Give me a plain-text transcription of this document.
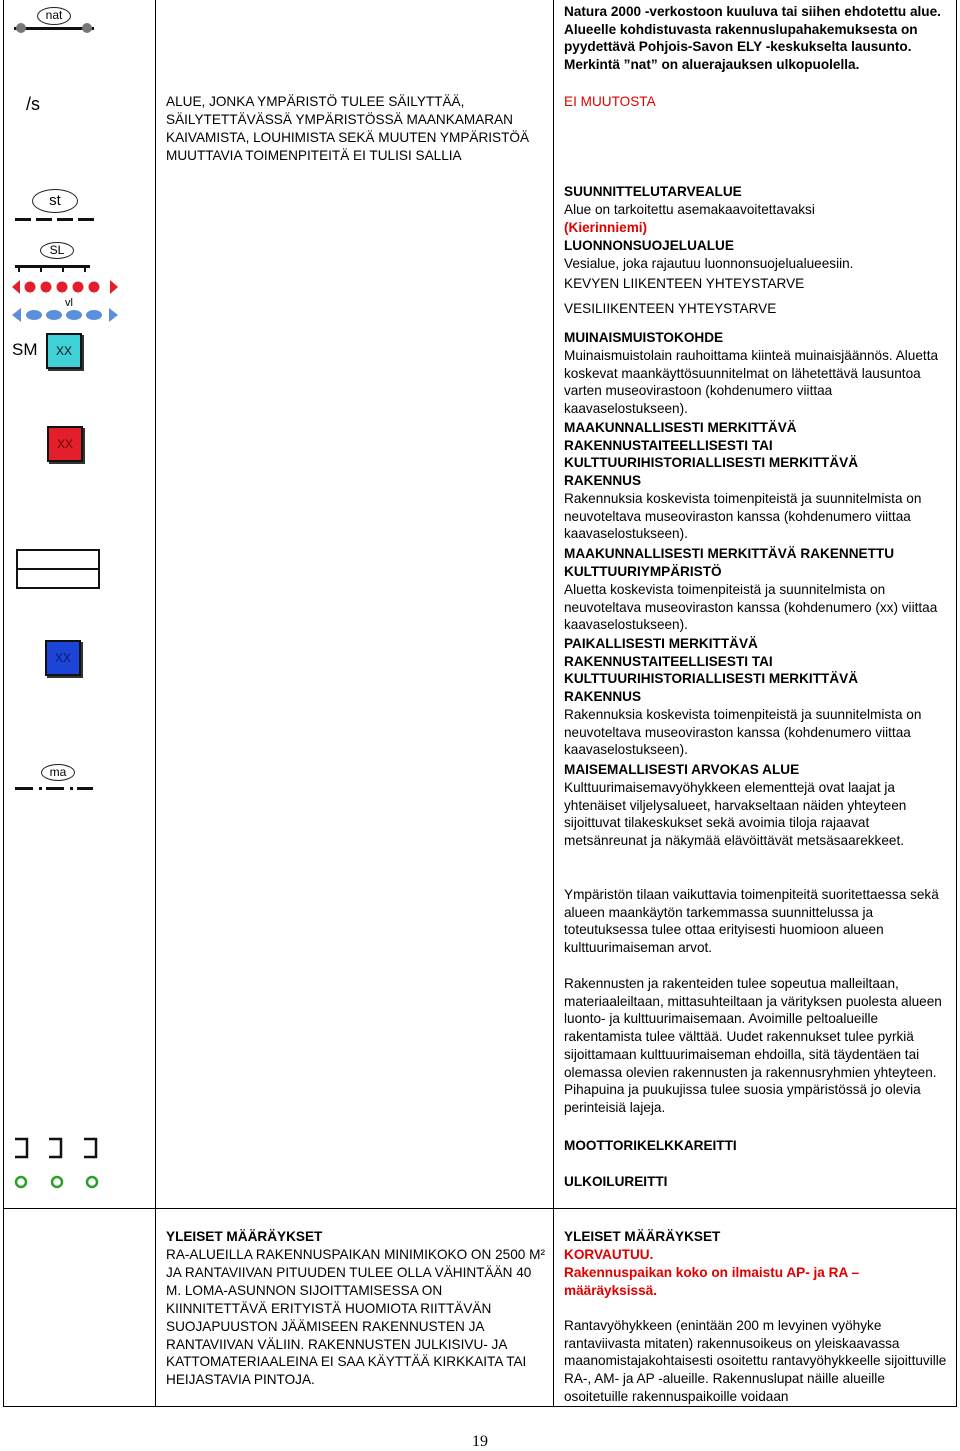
nat
/s
st
SL
vl
SM	XX
XX
XX
ma
ALUE, JONKA YMPÄRISTÖ TULEE SÄILYTTÄÄ, SÄILYTETTÄVÄSSÄ YMPÄRISTÖSSÄ MAANKAMARAN KAIVAMISTA, LOUHIMISTA SEKÄ MUUTEN YMPÄRISTÖÄ MUUTTAVIA TOIMENPITEITÄ EI TULISI SALLIA
Natura 2000 -verkostoon kuuluva tai siihen ehdotettu alue. Alueelle kohdistuvasta rakennuslupahakemuksesta on pyydettävä Pohjois-Savon ELY -keskukselta lausunto. Merkintä ”nat” on aluerajauksen ulkopuolella.
EI MUUTOSTA
SUUNNITTELUTARVEALUE
Alue on tarkoitettu asemakaavoitettavaksi
(Kierinniemi)
LUONNONSUOJELUALUE
Vesialue, joka rajautuu luonnonsuojelualueesiin.
KEVYEN LIIKENTEEN YHTEYSTARVE
VESILIIKENTEEN YHTEYSTARVE
MUINAISMUISTOKOHDE
Muinaismuistolain rauhoittama kiinteä muinaisjäännös. Aluetta koskevat maankäyttösuunnitelmat on lähetettävä lausuntoa varten museovirastoon (kohdenumero viittaa kaavaselostukseen).
MAAKUNNALLISESTI MERKITTÄVÄ RAKENNUSTAITEELLISESTI TAI KULTTUURIHISTORIALLISESTI MERKITTÄVÄ RAKENNUS
Rakennuksia koskevista toimenpiteistä ja suunnitelmista on neuvoteltava museoviraston kanssa (kohdenumero viittaa kaavaselostukseen).
MAAKUNNALLISESTI MERKITTÄVÄ RAKENNETTU KULTTUURIYMPÄRISTÖ
Aluetta koskevista toimenpiteistä ja suunnitelmista on neuvoteltava museoviraston kanssa (kohdenumero (xx) viittaa kaavaselostukseen).
PAIKALLISESTI MERKITTÄVÄ RAKENNUSTAITEELLISESTI TAI KULTTUURIHISTORIALLISESTI MERKITTÄVÄ RAKENNUS
Rakennuksia koskevista toimenpiteistä ja suunnitelmista on neuvoteltava museoviraston kanssa (kohdenumero viittaa kaavaselostukseen).
MAISEMALLISESTI ARVOKAS ALUE
Kulttuurimaisemavyöhykkeen elementtejä ovat laajat ja yhtenäiset viljelysalueet, harvakseltaan näiden yhteyteen sijoittuvat tilakeskukset sekä avoimia tiloja rajaavat metsänreunat ja näkymää elävöittävät metsäsaarekkeet.
Ympäristön tilaan vaikuttavia toimenpiteitä suoritettaessa sekä alueen maankäytön tarkemmassa suunnittelussa ja toteutuksessa tulee ottaa erityisesti huomioon alueen kulttuurimaiseman arvot.
Rakennusten ja rakenteiden tulee sopeutua malleiltaan, materiaaleiltaan, mittasuhteiltaan ja värityksen puolesta alueen luonto- ja kulttuurimaisemaan. Avoimille peltoalueille rakentamista tulee välttää. Uudet rakennukset tulee pyrkiä sijoittamaan kulttuurimaiseman ehdoilla, sitä täydentäen tai olemassa olevien rakennusten ja rakennusryhmien yhteyteen. Pihapuina ja puukujissa tulee suosia ympäristössä jo olevia perinteisiä lajeja.
MOOTTORIKELKKAREITTI
ULKOILUREITTI
YLEISET MÄÄRÄYKSET
RA-ALUEILLA RAKENNUSPAIKAN MINIMIKOKO ON 2500 M² JA RANTAVIIVAN PITUUDEN TULEE OLLA VÄHINTÄÄN 40 M. LOMA-ASUNNON SIJOITTAMISESSA ON KIINNITETTÄVÄ ERITYISTÄ HUOMIOTA RIITTÄVÄN SUOJAPUUSTON JÄÄMISEEN RAKENNUSTEN JA RANTAVIIVAN VÄLIIN. RAKENNUSTEN JULKISIVU- JA KATTOMATERIAALEINA EI SAA KÄYTTÄÄ KIRKKAITA TAI HEIJASTAVIA PINTOJA.
YLEISET MÄÄRÄYKSET
KORVAUTUU.
Rakennuspaikan koko on ilmaistu AP- ja RA –määräyksissä.
Rantavyöhykkeen (enintään 200 m levyinen vyöhyke rantaviivasta mitaten) rakennusoikeus on yleiskaavassa maanomistajakohtaisesti osoitettu rantavyöhykkeelle sijoittuville RA-, AM- ja AP -alueille. Rakennuslupat näille alueille osoitetuille rakennuspaikoille voidaan
19
